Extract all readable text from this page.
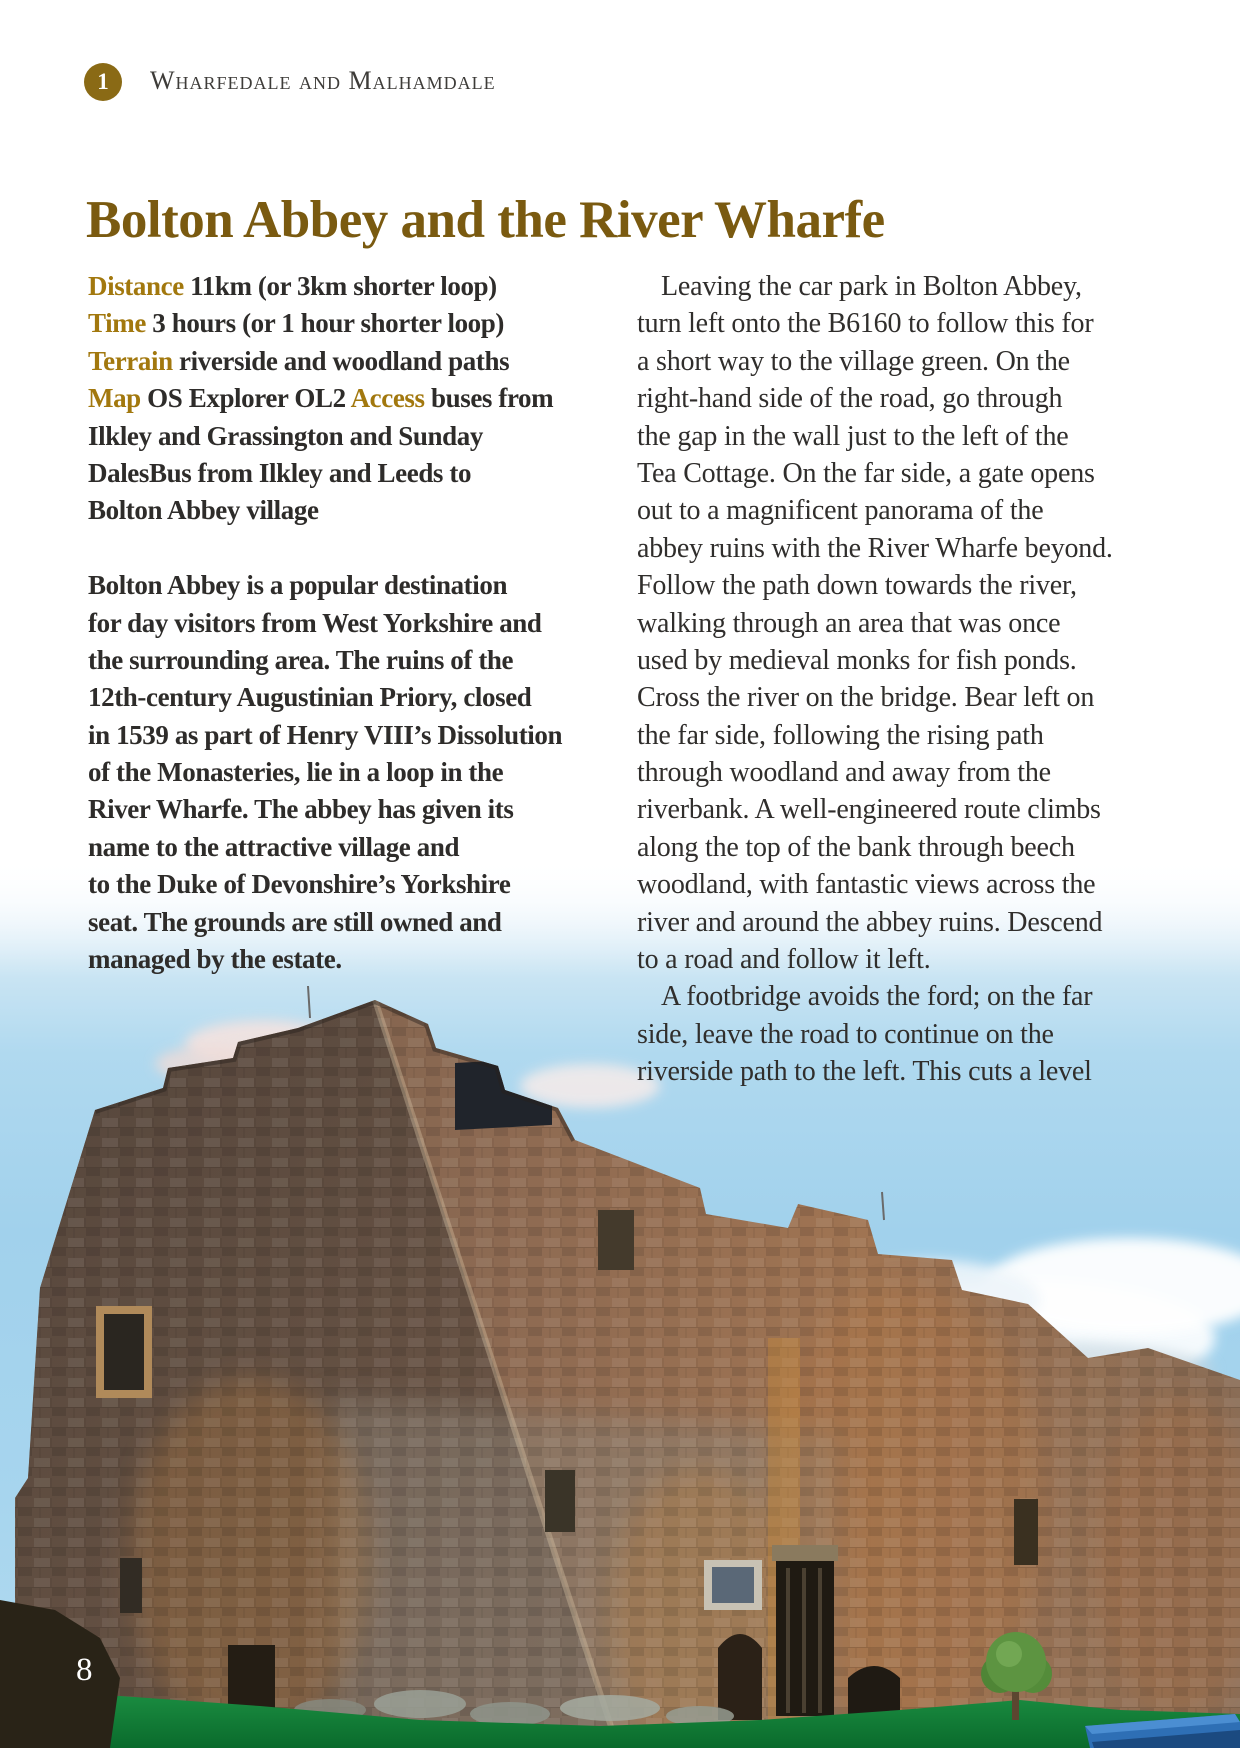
1 Wharfedale and Malhamdale
Bolton Abbey and the River Wharfe
Distance 11km (or 3km shorter loop)
Time 3 hours (or 1 hour shorter loop)
Terrain riverside and woodland paths
Map OS Explorer OL2 Access buses from
Ilkley and Grassington and Sunday
DalesBus from Ilkley and Leeds to
Bolton Abbey village
Bolton Abbey is a popular destination
for day visitors from West Yorkshire and
the surrounding area. The ruins of the
12th-century Augustinian Priory, closed
in 1539 as part of Henry VIII’s Dissolution
of the Monasteries, lie in a loop in the
River Wharfe. The abbey has given its
name to the attractive village and
to the Duke of Devonshire’s Yorkshire
seat. The grounds are still owned and
managed by the estate.
Leaving the car park in Bolton Abbey,
turn left onto the B6160 to follow this for
a short way to the village green. On the
right-hand side of the road, go through
the gap in the wall just to the left of the
Tea Cottage. On the far side, a gate opens
out to a magnificent panorama of the
abbey ruins with the River Wharfe beyond.
Follow the path down towards the river,
walking through an area that was once
used by medieval monks for fish ponds.
Cross the river on the bridge. Bear left on
the far side, following the rising path
through woodland and away from the
riverbank. A well-engineered route climbs
along the top of the bank through beech
woodland, with fantastic views across the
river and around the abbey ruins. Descend
to a road and follow it left.
A footbridge avoids the ford; on the far
side, leave the road to continue on the
riverside path to the left. This cuts a level
8
